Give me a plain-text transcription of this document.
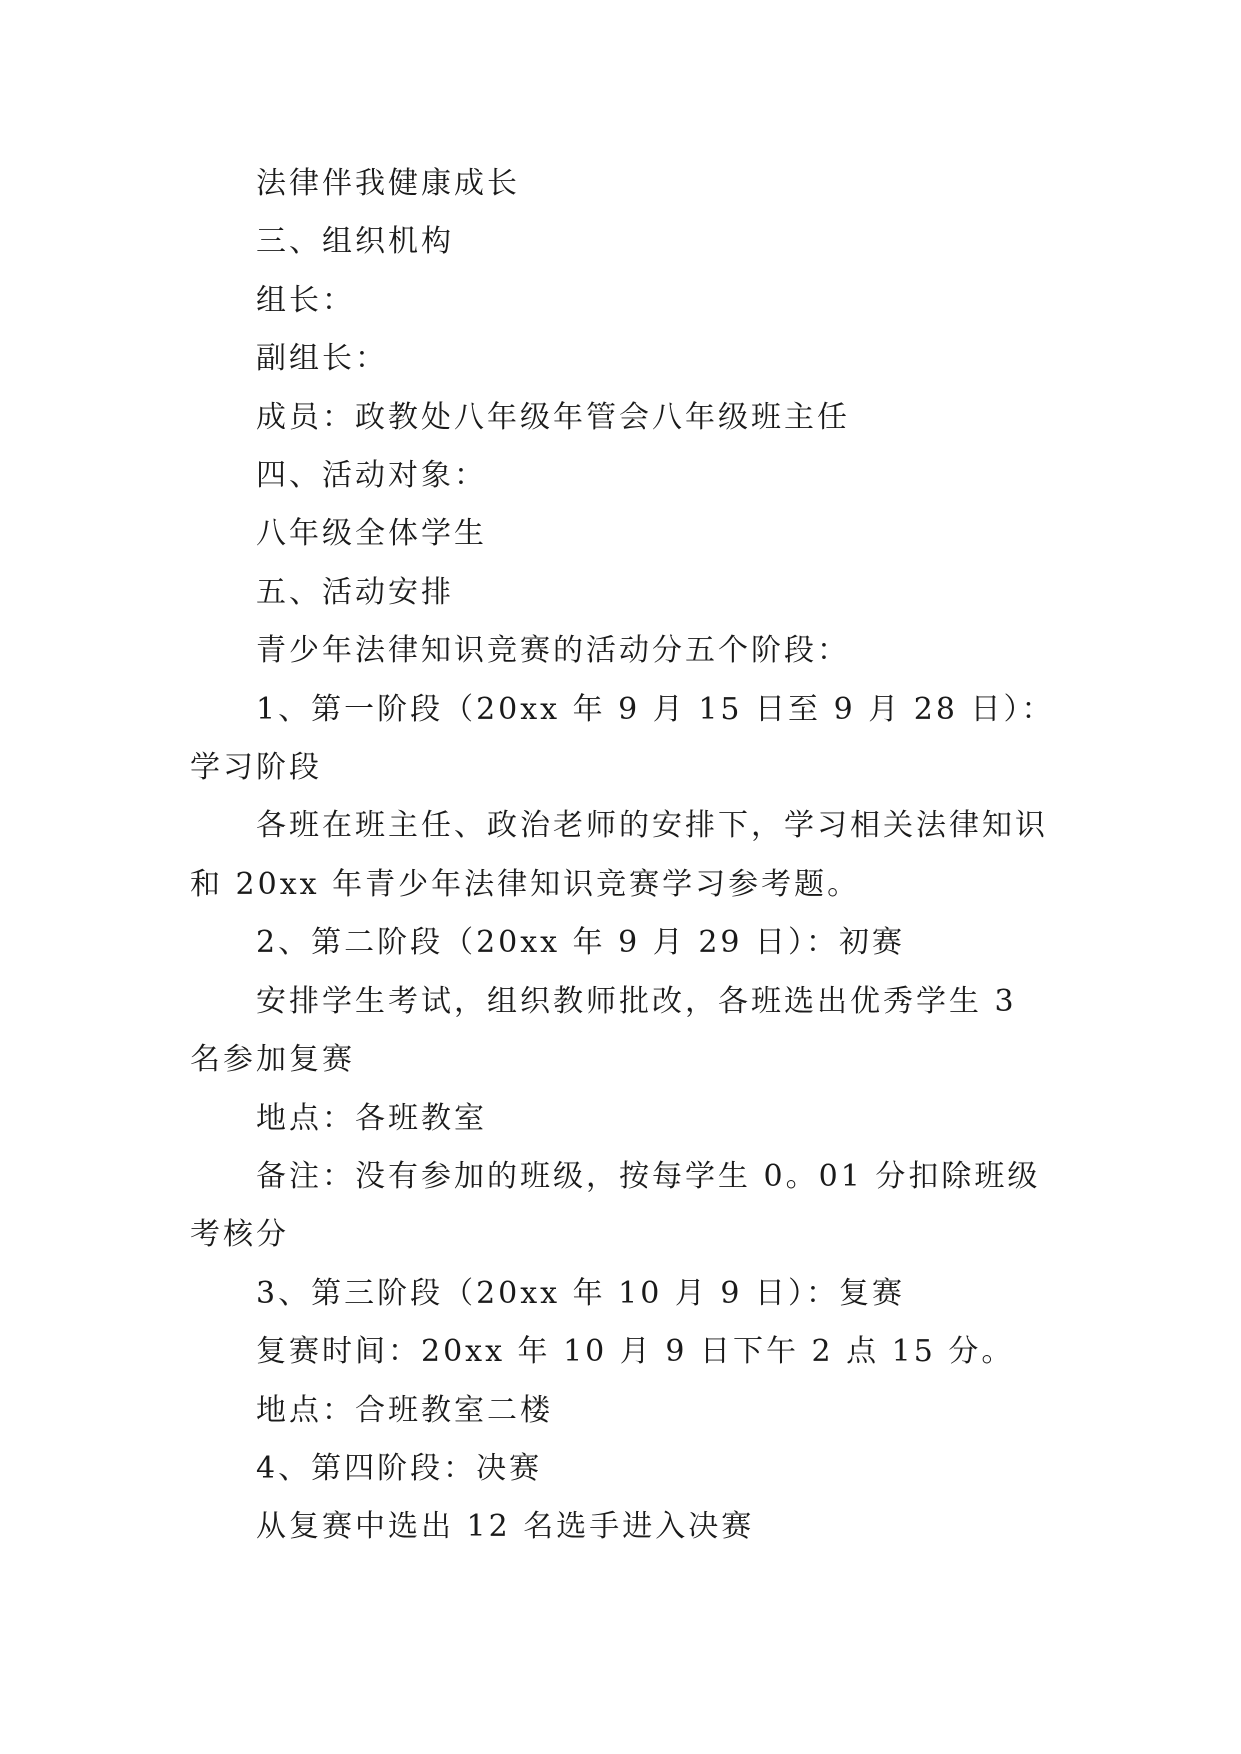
法律伴我健康成长

三、组织机构

组长：

副组长：

成员：政教处八年级年管会八年级班主任

四、活动对象：

八年级全体学生

五、活动安排

青少年法律知识竞赛的活动分五个阶段：

1、第一阶段（20xx 年 9 月 15 日至 9 月 28 日）：学习阶段

各班在班主任、政治老师的安排下，学习相关法律知识和 20xx 年青少年法律知识竞赛学习参考题。

2、第二阶段（20xx 年 9 月 29 日）：初赛

安排学生考试，组织教师批改，各班选出优秀学生 3 名参加复赛

地点：各班教室

备注：没有参加的班级，按每学生 0。01 分扣除班级考核分

3、第三阶段（20xx 年 10 月 9 日）：复赛

复赛时间：20xx 年 10 月 9 日下午 2 点 15 分。

地点：合班教室二楼

4、第四阶段：决赛

从复赛中选出 12 名选手进入决赛
